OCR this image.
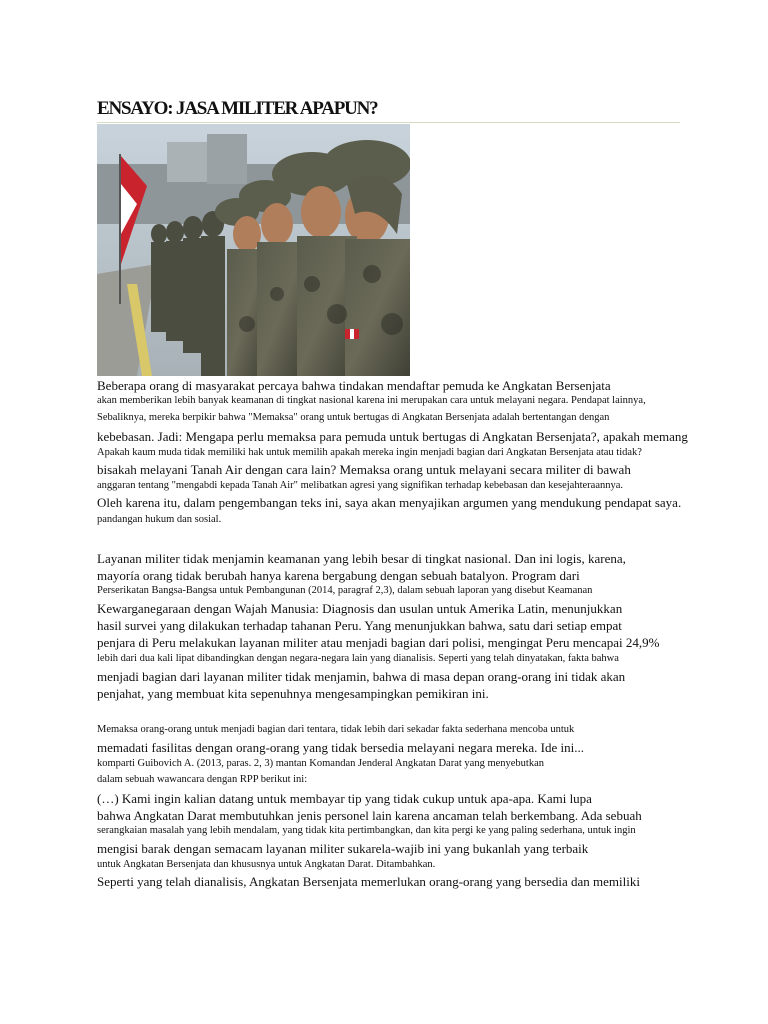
ENSAYO: JASA MILITER APAPUN?
Beberapa orang di masyarakat percaya bahwa tindakan mendaftar pemuda ke Angkatan Bersenjata
akan memberikan lebih banyak keamanan di tingkat nasional karena ini merupakan cara untuk melayani negara. Pendapat lainnya,
Sebaliknya, mereka berpikir bahwa "Memaksa" orang untuk bertugas di Angkatan Bersenjata adalah bertentangan dengan
kebebasan. Jadi: Mengapa perlu memaksa para pemuda untuk bertugas di Angkatan Bersenjata?, apakah memang
Apakah kaum muda tidak memiliki hak untuk memilih apakah mereka ingin menjadi bagian dari Angkatan Bersenjata atau tidak?
bisakah melayani Tanah Air dengan cara lain? Memaksa orang untuk melayani secara militer di bawah
anggaran tentang "mengabdi kepada Tanah Air" melibatkan agresi yang signifikan terhadap kebebasan dan kesejahteraannya.
Oleh karena itu, dalam pengembangan teks ini, saya akan menyajikan argumen yang mendukung pendapat saya.
pandangan hukum dan sosial.
Layanan militer tidak menjamin keamanan yang lebih besar di tingkat nasional. Dan ini logis, karena,
mayoría orang tidak berubah hanya karena bergabung dengan sebuah batalyon. Program dari
Perserikatan Bangsa-Bangsa untuk Pembangunan (2014, paragraf 2,3), dalam sebuah laporan yang disebut Keamanan
Kewarganegaraan dengan Wajah Manusia: Diagnosis dan usulan untuk Amerika Latin, menunjukkan
hasil survei yang dilakukan terhadap tahanan Peru. Yang menunjukkan bahwa, satu dari setiap empat
penjara di Peru melakukan layanan militer atau menjadi bagian dari polisi, mengingat Peru mencapai 24,9%
lebih dari dua kali lipat dibandingkan dengan negara-negara lain yang dianalisis. Seperti yang telah dinyatakan, fakta bahwa
menjadi bagian dari layanan militer tidak menjamin, bahwa di masa depan orang-orang ini tidak akan
penjahat, yang membuat kita sepenuhnya mengesampingkan pemikiran ini.
Memaksa orang-orang untuk menjadi bagian dari tentara, tidak lebih dari sekadar fakta sederhana mencoba untuk
memadati fasilitas dengan orang-orang yang tidak bersedia melayani negara mereka. Ide ini...
komparti Guibovich A. (2013, paras. 2, 3) mantan Komandan Jenderal Angkatan Darat yang menyebutkan
dalam sebuah wawancara dengan RPP berikut ini:
(…) Kami ingin kalian datang untuk membayar tip yang tidak cukup untuk apa-apa. Kami lupa
bahwa Angkatan Darat membutuhkan jenis personel lain karena ancaman telah berkembang. Ada sebuah
serangkaian masalah yang lebih mendalam, yang tidak kita pertimbangkan, dan kita pergi ke yang paling sederhana, untuk ingin
mengisi barak dengan semacam layanan militer sukarela-wajib ini yang bukanlah yang terbaik
untuk Angkatan Bersenjata dan khususnya untuk Angkatan Darat. Ditambahkan.
Seperti yang telah dianalisis, Angkatan Bersenjata memerlukan orang-orang yang bersedia dan memiliki
